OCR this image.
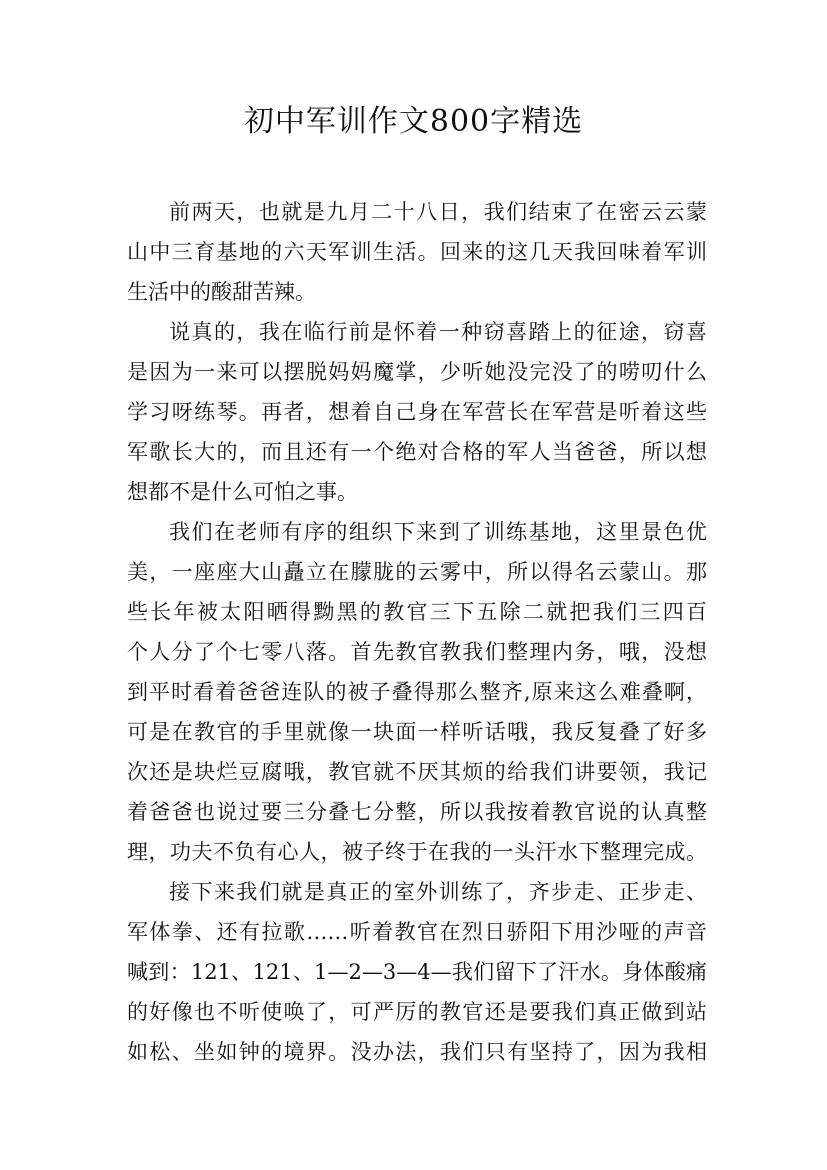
初中军训作文800字精选
前两天，也就是九月二十八日，我们结束了在密云云蒙
山中三育基地的六天军训生活。回来的这几天我回味着军训
生活中的酸甜苦辣。
说真的，我在临行前是怀着一种窃喜踏上的征途，窃喜
是因为一来可以摆脱妈妈魔掌，少听她没完没了的唠叨什么
学习呀练琴。再者，想着自己身在军营长在军营是听着这些
军歌长大的，而且还有一个绝对合格的军人当爸爸，所以想
想都不是什么可怕之事。
我们在老师有序的组织下来到了训练基地，这里景色优
美，一座座大山矗立在朦胧的云雾中，所以得名云蒙山。那
些长年被太阳晒得黝黑的教官三下五除二就把我们三四百
个人分了个七零八落。首先教官教我们整理内务，哦，没想
到平时看着爸爸连队的被子叠得那么整齐,原来这么难叠啊，
可是在教官的手里就像一块面一样听话哦，我反复叠了好多
次还是块烂豆腐哦，教官就不厌其烦的给我们讲要领，我记
着爸爸也说过要三分叠七分整，所以我按着教官说的认真整
理，功夫不负有心人，被子终于在我的一头汗水下整理完成。
接下来我们就是真正的室外训练了，齐步走、正步走、
军体拳、还有拉歌……听着教官在烈日骄阳下用沙哑的声音
喊到：121、121、1—2—3—4—我们留下了汗水。身体酸痛
的好像也不听使唤了，可严厉的教官还是要我们真正做到站
如松、坐如钟的境界。没办法，我们只有坚持了，因为我相
